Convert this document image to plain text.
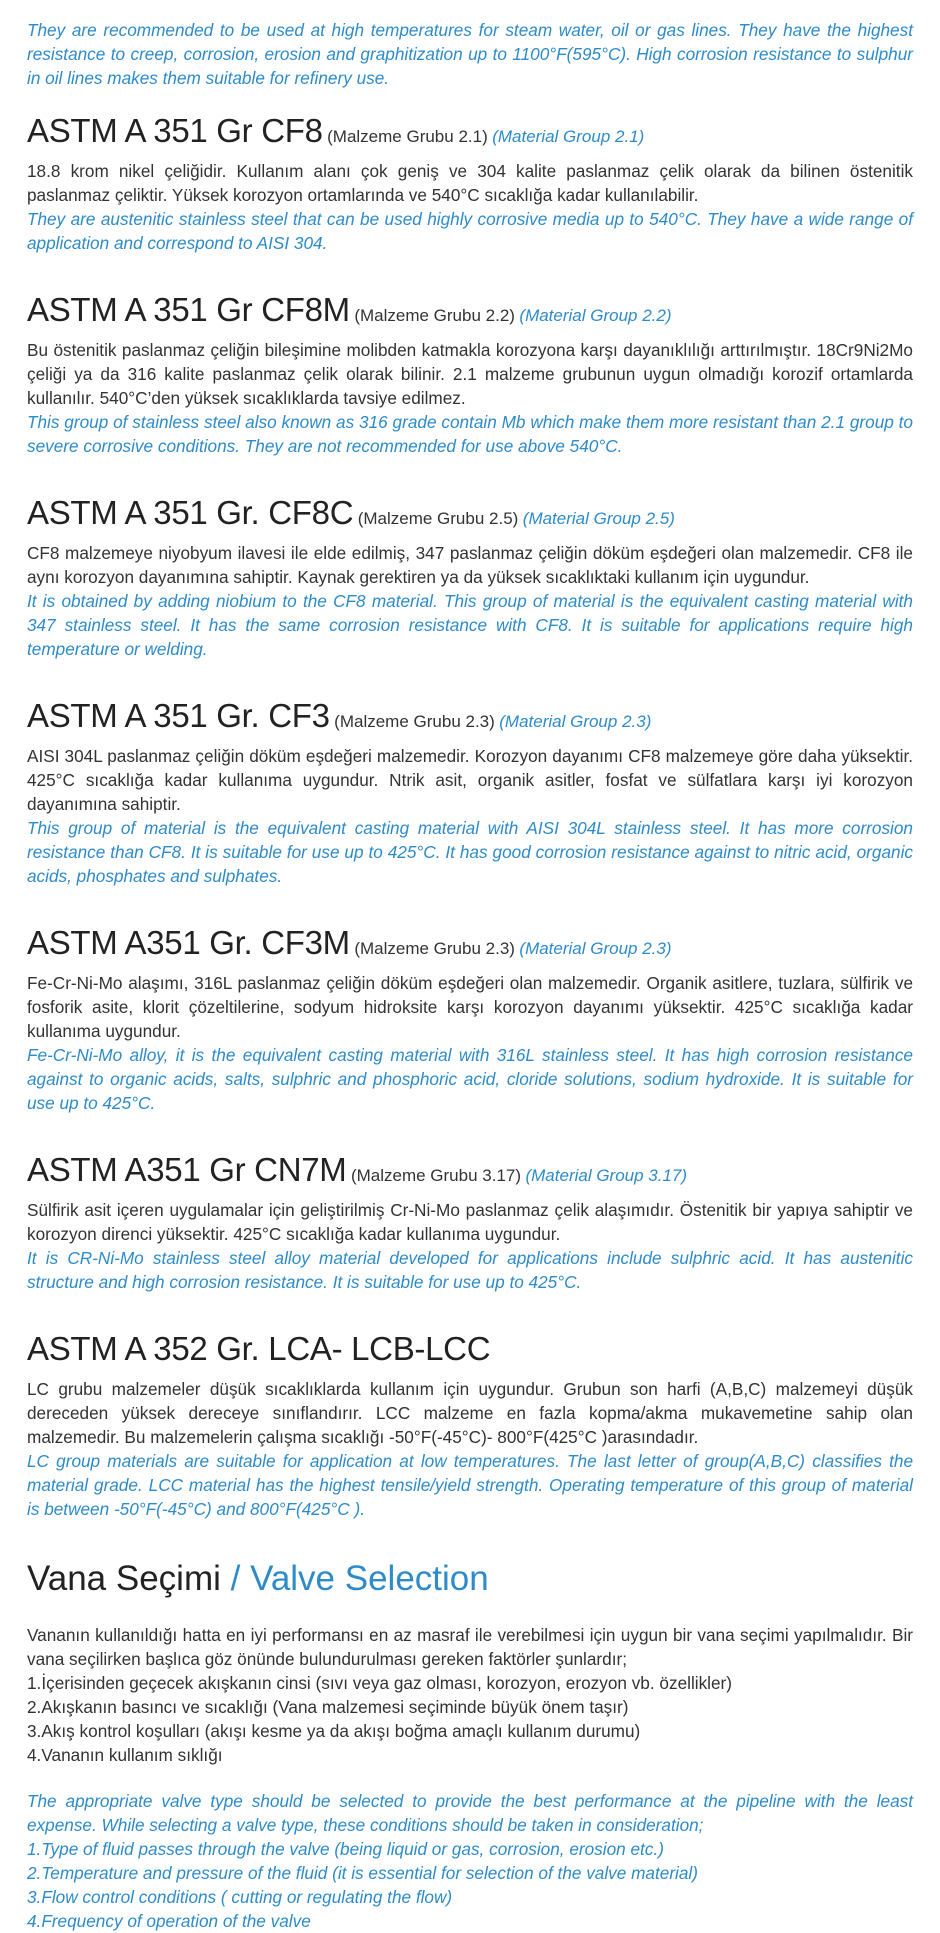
They are recommended to be used at high temperatures for steam water, oil or gas lines. They have the highest resistance to creep, corrosion, erosion and graphitization up to 1100°F(595°C). High corrosion resistance to sulphur in oil lines makes them suitable for refinery use.

ASTM A 351 Gr CF8 (Malzeme Grubu 2.1) (Material Group 2.1)

18.8 krom nikel çeliğidir. Kullanım alanı çok geniş ve 304 kalite paslanmaz çelik olarak da bilinen östenitik paslanmaz çeliktir. Yüksek korozyon ortamlarında ve 540°C sıcaklığa kadar kullanılabilir.

They are austenitic stainless steel that can be used highly corrosive media up to 540°C. They have a wide range of application and correspond to AISI 304.

ASTM A 351 Gr CF8M (Malzeme Grubu 2.2) (Material Group 2.2)

Bu östenitik paslanmaz çeliğin bileşimine molibden katmakla korozyona karşı dayanıklılığı arttırılmıştır. 18Cr9Ni2Mo çeliği ya da 316 kalite paslanmaz çelik olarak bilinir. 2.1 malzeme grubunun uygun olmadığı korozif ortamlarda kullanılır. 540°C’den yüksek sıcaklıklarda tavsiye edilmez.

This group of stainless steel also known as 316 grade contain Mb which make them more resistant than 2.1 group to severe corrosive conditions. They are not recommended for use above 540°C.

ASTM A 351 Gr. CF8C (Malzeme Grubu 2.5) (Material Group 2.5)

CF8 malzemeye niyobyum ilavesi ile elde edilmiş, 347 paslanmaz çeliğin döküm eşdeğeri olan malzemedir. CF8 ile aynı korozyon dayanımına sahiptir. Kaynak gerektiren ya da yüksek sıcaklıktaki kullanım için uygundur.

It is obtained by adding niobium to the CF8 material. This group of material is the equivalent casting material with 347 stainless steel. It has the same corrosion resistance with CF8. It is suitable for applications require high temperature or welding.

ASTM A 351 Gr. CF3 (Malzeme Grubu 2.3) (Material Group 2.3)

AISI 304L paslanmaz çeliğin döküm eşdeğeri malzemedir. Korozyon dayanımı CF8 malzemeye göre daha yüksektir. 425°C sıcaklığa kadar kullanıma uygundur. Ntrik asit, organik asitler, fosfat ve sülfatlara karşı iyi korozyon dayanımına sahiptir.

This group of material is the equivalent casting material with AISI 304L stainless steel. It has more corrosion resistance than CF8. It is suitable for use up to 425°C. It has good corrosion resistance against to nitric acid, organic acids, phosphates and sulphates.

ASTM A351 Gr. CF3M (Malzeme Grubu 2.3) (Material Group 2.3)

Fe-Cr-Ni-Mo alaşımı, 316L paslanmaz çeliğin döküm eşdeğeri olan malzemedir. Organik asitlere, tuzlara, sülfirik ve fosforik asite, klorit çözeltilerine, sodyum hidroksite karşı korozyon dayanımı yüksektir. 425°C sıcaklığa kadar kullanıma uygundur.

Fe-Cr-Ni-Mo alloy, it is the equivalent casting material with 316L stainless steel. It has high corrosion resistance against to organic acids, salts, sulphric and phosphoric acid, cloride solutions, sodium hydroxide. It is suitable for use up to 425°C.

ASTM A351 Gr CN7M (Malzeme Grubu 3.17) (Material Group 3.17)

Sülfirik asit içeren uygulamalar için geliştirilmiş Cr-Ni-Mo paslanmaz çelik alaşımıdır. Östenitik bir yapıya sahiptir ve korozyon direnci yüksektir. 425°C sıcaklığa kadar kullanıma uygundur.

It is CR-Ni-Mo stainless steel alloy material developed for applications include sulphric acid. It has austenitic structure and high corrosion resistance. It is suitable for use up to 425°C.

ASTM A 352 Gr. LCA- LCB-LCC

LC grubu malzemeler düşük sıcaklıklarda kullanım için uygundur. Grubun son harfi (A,B,C) malzemeyi düşük dereceden yüksek dereceye sınıflandırır. LCC malzeme en fazla kopma/akma mukavemetine sahip olan malzemedir. Bu malzemelerin çalışma sıcaklığı -50°F(-45°C)- 800°F(425°C )arasındadır.

LC group materials are suitable for application at low temperatures. The last letter of group(A,B,C) classifies the material grade. LCC material has the highest tensile/yield strength. Operating temperature of this group of material is between -50°F(-45°C) and 800°F(425°C ).

Vana Seçimi / Valve Selection

Vananın kullanıldığı hatta en iyi performansı en az masraf ile verebilmesi için uygun bir vana seçimi yapılmalıdır. Bir vana seçilirken başlıca göz önünde bulundurulması gereken faktörler şunlardır;

1.İçerisinden geçecek akışkanın cinsi (sıvı veya gaz olması, korozyon, erozyon vb. özellikler)
2.Akışkanın basıncı ve sıcaklığı (Vana malzemesi seçiminde büyük önem taşır)
3.Akış kontrol koşulları (akışı kesme ya da akışı boğma amaçlı kullanım durumu)
4.Vananın kullanım sıklığı

The appropriate valve type should be selected to provide the best performance at the pipeline with the least expense. While selecting a valve type, these conditions should be taken in consideration;

1.Type of fluid passes through the valve (being liquid or gas, corrosion, erosion etc.)
2.Temperature and pressure of the fluid (it is essential for selection of the valve material)
3.Flow control conditions ( cutting or regulating the flow)
4.Frequency of operation of the valve
